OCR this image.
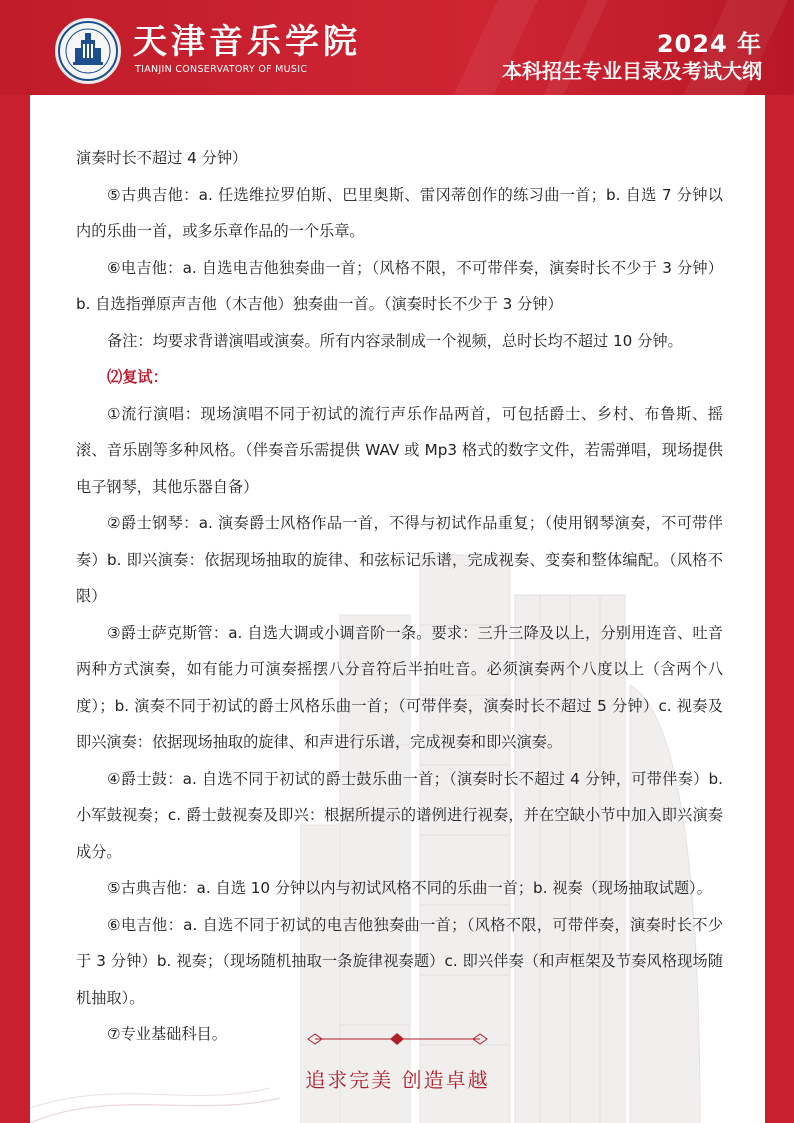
天津音乐学院
TIANJIN CONSERVATORY OF MUSIC
2024 年
本科招生专业目录及考试大纲

演奏时长不超过 4 分钟）

⑤古典吉他：a. 任选维拉罗伯斯、巴里奥斯、雷冈蒂创作的练习曲一首；b. 自选 7 分钟以内的乐曲一首，或多乐章作品的一个乐章。

⑥电吉他：a. 自选电吉他独奏曲一首；（风格不限，不可带伴奏，演奏时长不少于 3 分钟）b. 自选指弹原声吉他（木吉他）独奏曲一首。（演奏时长不少于 3 分钟）

备注：均要求背谱演唱或演奏。所有内容录制成一个视频，总时长均不超过 10 分钟。

⑵复试：

①流行演唱：现场演唱不同于初试的流行声乐作品两首，可包括爵士、乡村、布鲁斯、摇滚、音乐剧等多种风格。（伴奏音乐需提供 WAV 或 Mp3 格式的数字文件，若需弹唱，现场提供电子钢琴，其他乐器自备）

②爵士钢琴：a. 演奏爵士风格作品一首，不得与初试作品重复；（使用钢琴演奏，不可带伴奏）b. 即兴演奏：依据现场抽取的旋律、和弦标记乐谱，完成视奏、变奏和整体编配。（风格不限）

③爵士萨克斯管：a. 自选大调或小调音阶一条。要求：三升三降及以上，分别用连音、吐音两种方式演奏，如有能力可演奏摇摆八分音符后半拍吐音。必须演奏两个八度以上（含两个八度）；b. 演奏不同于初试的爵士风格乐曲一首；（可带伴奏，演奏时长不超过 5 分钟）c. 视奏及即兴演奏：依据现场抽取的旋律、和声进行乐谱，完成视奏和即兴演奏。

④爵士鼓：a. 自选不同于初试的爵士鼓乐曲一首；（演奏时长不超过 4 分钟，可带伴奏）b. 小军鼓视奏；c. 爵士鼓视奏及即兴：根据所提示的谱例进行视奏，并在空缺小节中加入即兴演奏成分。

⑤古典吉他：a. 自选 10 分钟以内与初试风格不同的乐曲一首；b. 视奏（现场抽取试题）。

⑥电吉他：a. 自选不同于初试的电吉他独奏曲一首；（风格不限，可带伴奏，演奏时长不少于 3 分钟）b. 视奏；（现场随机抽取一条旋律视奏题）c. 即兴伴奏（和声框架及节奏风格现场随机抽取）。

⑦专业基础科目。

追求完美 创造卓越
